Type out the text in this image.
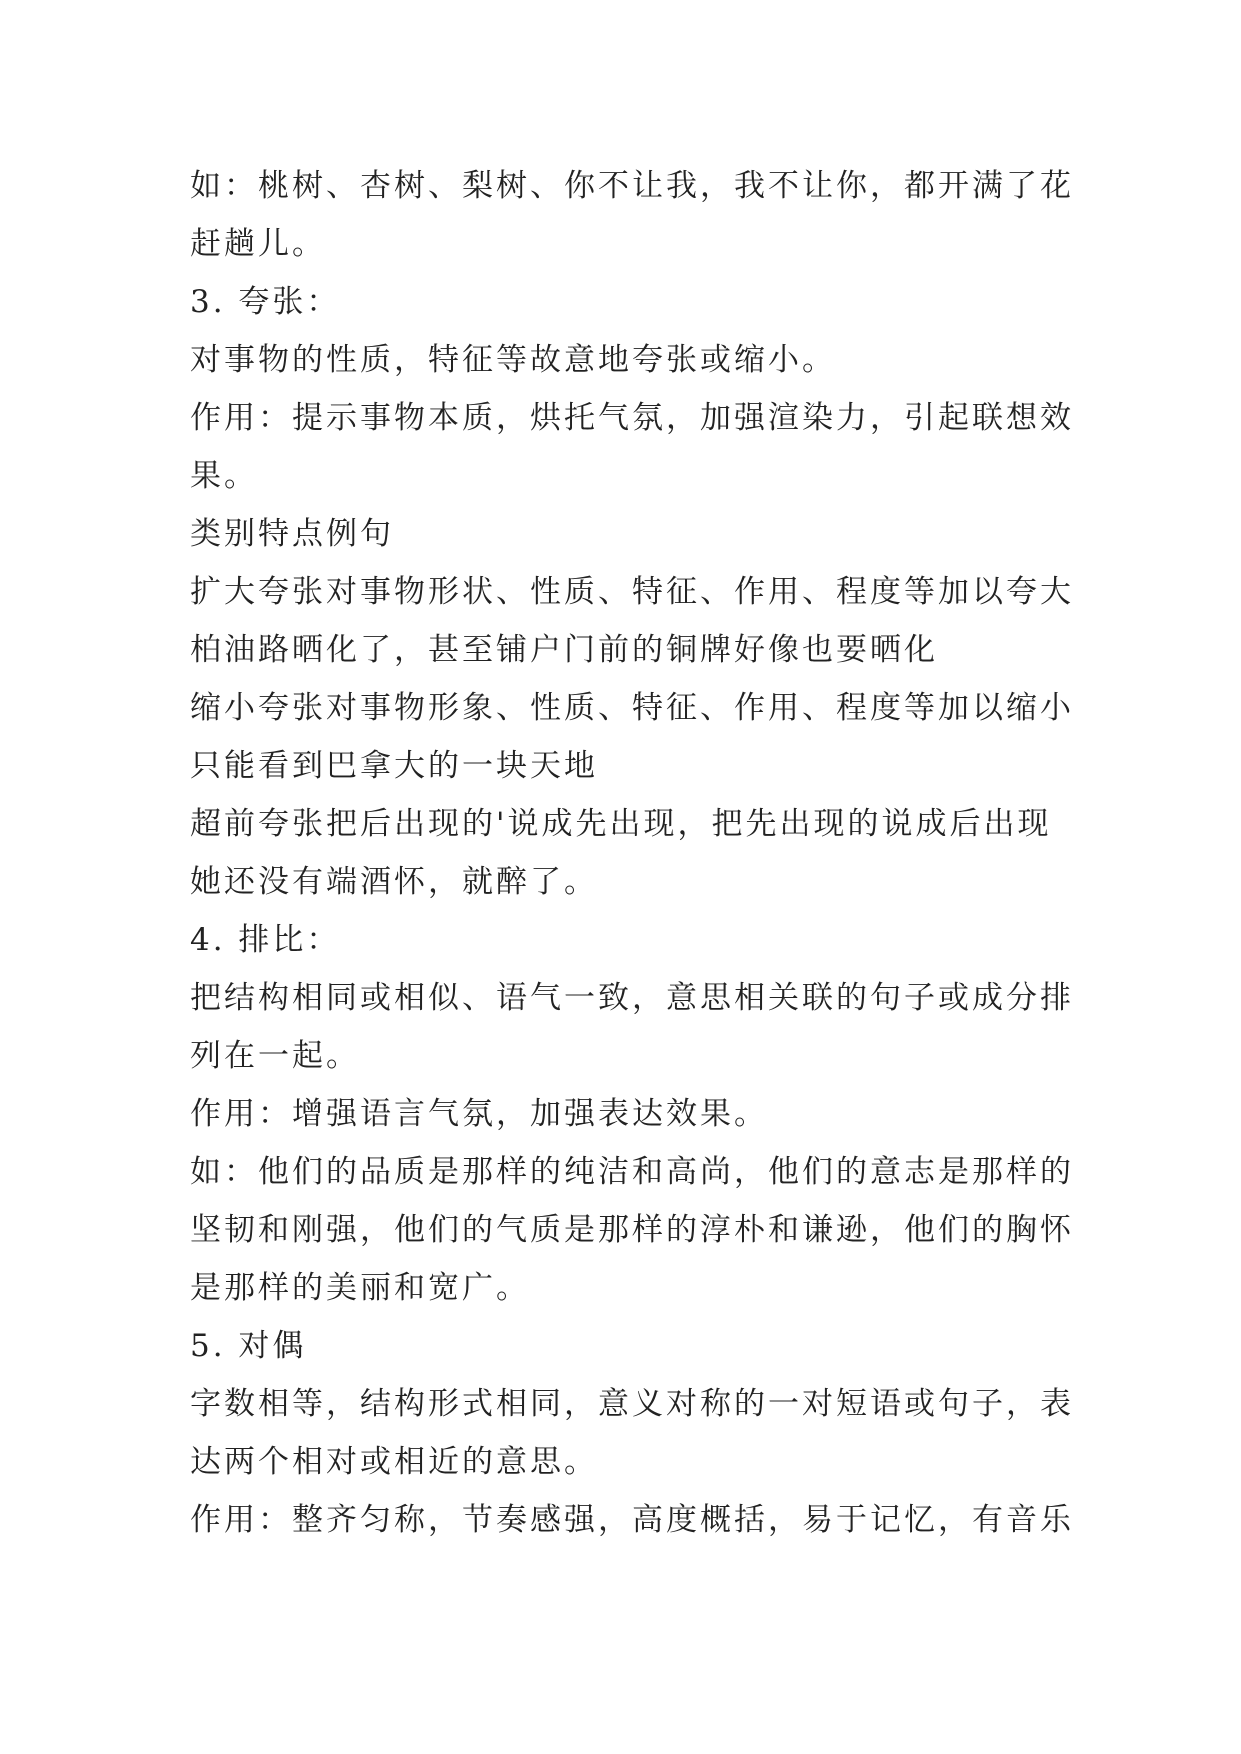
如：桃树、杏树、梨树、你不让我，我不让你，都开满了花
赶趟儿。
3. 夸张：
对事物的性质，特征等故意地夸张或缩小。
作用：提示事物本质，烘托气氛，加强渲染力，引起联想效
果。
类别特点例句
扩大夸张对事物形状、性质、特征、作用、程度等加以夸大
柏油路晒化了，甚至铺户门前的铜牌好像也要晒化
缩小夸张对事物形象、性质、特征、作用、程度等加以缩小
只能看到巴拿大的一块天地
超前夸张把后出现的'说成先出现，把先出现的说成后出现
她还没有端酒怀，就醉了。
4. 排比：
把结构相同或相似、语气一致，意思相关联的句子或成分排
列在一起。
作用：增强语言气氛，加强表达效果。
如：他们的品质是那样的纯洁和高尚，他们的意志是那样的
坚韧和刚强，他们的气质是那样的淳朴和谦逊，他们的胸怀
是那样的美丽和宽广。
5. 对偶
字数相等，结构形式相同，意义对称的一对短语或句子，表
达两个相对或相近的意思。
作用：整齐匀称，节奏感强，高度概括，易于记忆，有音乐
